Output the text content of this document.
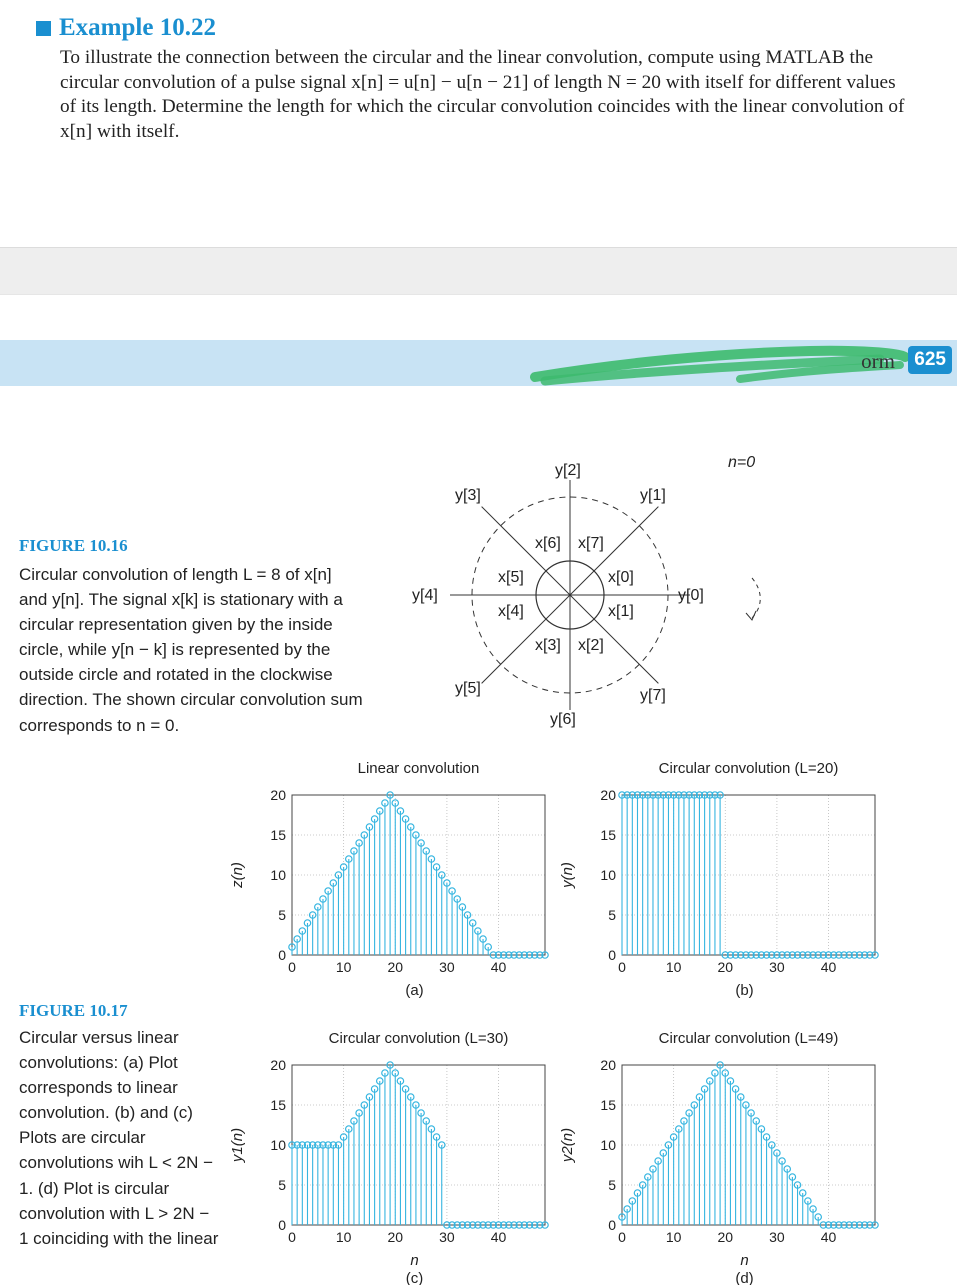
Example 10.22
To illustrate the connection between the circular and the linear convolution, compute using MATLAB the circular convolution of a pulse signal x[n] = u[n] − u[n − 21] of length N = 20 with itself for different values of its length. Determine the length for which the circular convolution coincides with the linear convolution of x[n] with itself.
orm	625
FIGURE 10.16
Circular convolution of length L = 8 of x[n] and y[n]. The signal x[k] is stationary with a circular representation given by the inside circle, while y[n − k] is represented by the outside circle and rotated in the clockwise direction. The shown circular convolution sum corresponds to n = 0.
y[0]
y[1]
y[2]
y[3]
y[4]
y[5]
y[6]
y[7]
x[0]
x[1]
x[2]
x[3]
x[4]
x[5]
x[6] x[7]
n=0
FIGURE 10.17
Circular versus linear convolutions: (a) Plot corresponds to linear convolution. (b) and (c) Plots are circular convolutions wih L < 2N − 1. (d) Plot is circular convolution with L > 2N − 1 coinciding with the linear
0	10	20	30	40
0
5
10
15
20
Linear convolution
z(n)
(a)
0	10	20	30	40
0
5
10
15
20
Circular convolution (L=20)
y(n)
(b)
0	10	20	30	40
0
5
10
15
20
Circular convolution (L=30)
y1(n)
n
(c)
0	10	20	30	40
0
5
10
15
20
Circular convolution (L=49)
y2(n)
n
(d)
